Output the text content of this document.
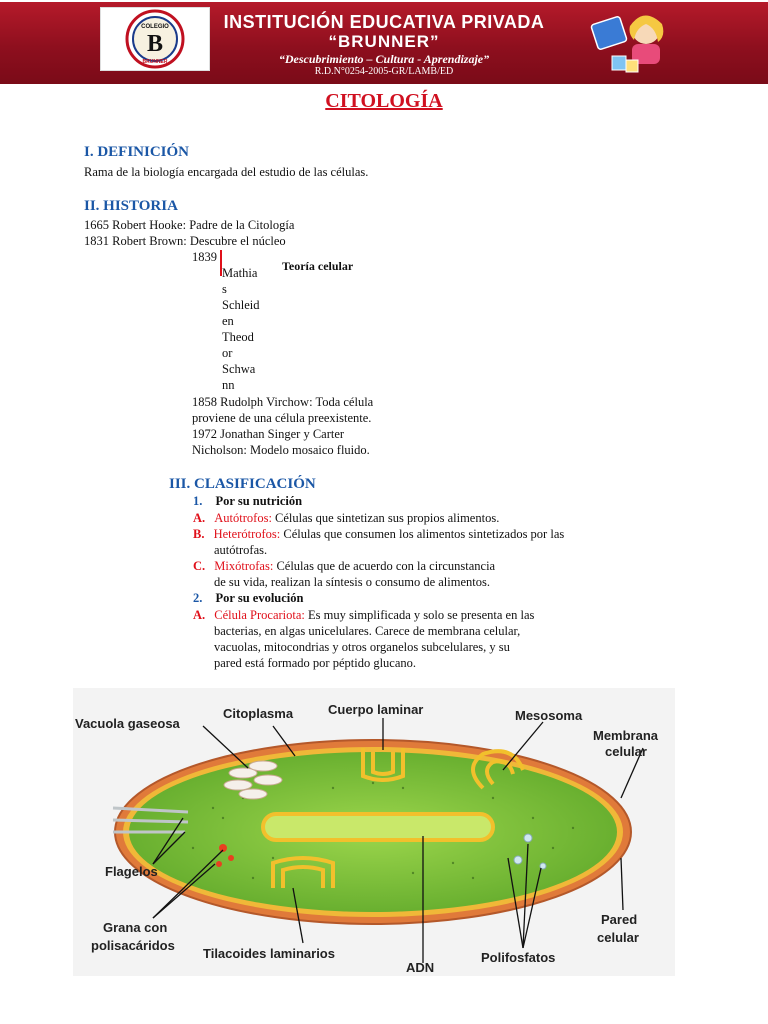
B
COLEGIO
BRUNNER
INSTITUCIÓN EDUCATIVA PRIVADA
“BRUNNER”
“Descubrimiento – Cultura - Aprendizaje”
R.D.N°0254-2005-GR/LAMB/ED
CITOLOGÍA
I. DEFINICIÓN
Rama de la biología encargada del estudio de las células.
II. HISTORIA
1665 Robert Hooke: Padre de la Citología
1831 Robert Brown: Descubre el núcleo
1839
Mathia
s
Schleid
en
Theod
or
Schwa
nn
Teoría celular
1858 Rudolph Virchow: Toda célula
proviene de una célula preexistente.
1972 Jonathan Singer y Carter
Nicholson: Modelo mosaico fluido.
III. CLASIFICACIÓN
1. Por su nutrición
A. Autótrofos: Células que sintetizan sus propios alimentos.
B. Heterótrofos: Células que consumen los alimentos sintetizados por las
autótrofas.
C. Mixótrofas: Células que de acuerdo con la circunstancia
de su vida, realizan la síntesis o consumo de alimentos.
2. Por su evolución
A. Célula Procariota: Es muy simplificada y solo se presenta en las
bacterias, en algas unicelulares. Carece de membrana celular,
vacuolas, mitocondrias y otros organelos subcelulares, y su
pared está formado por péptido glucano.
Vacuola gaseosa
Citoplasma	Cuerpo laminar	Mesosoma
Membrana
celular
Flagelos
Grana con
polisacáridos
Tilacoides laminarios
ADN
Polifosfatos
Pared
celular
